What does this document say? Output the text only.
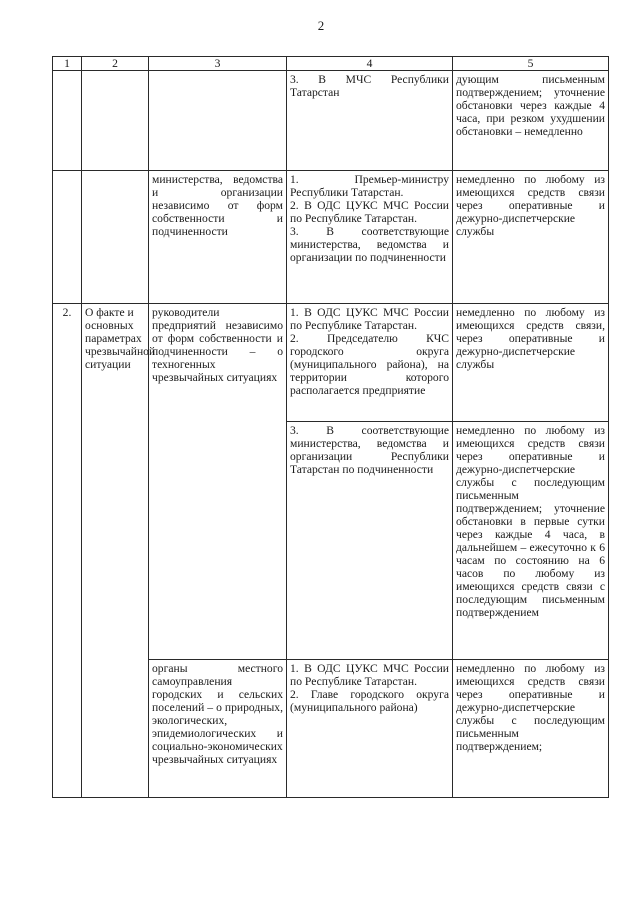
2
1	2	3	4	5
			3. В МЧС Республики Татарстан	дующим письменным подтверждением; уточнение обстановки через каждые 4 часа, при резком ухудшении обстановки – немедленно
		министерства, ведомства и организации независимо от форм собственности и подчиненности	1. Премьер-министру Республики Татарстан.
2. В ОДС ЦУКС МЧС России по Республике Татарстан.
3. В соответствующие министерства, ведомства и организации по подчиненности	немедленно по любому из имеющихся средств связи через оперативные и дежурно-диспетчерские службы
2.	О факте и основных параметрах чрезвычайной ситуации	руководители предприятий независимо от форм собственности и подчиненности – о техногенных чрезвычайных ситуациях	1. В ОДС ЦУКС МЧС России по Республике Татарстан.
2. Председателю КЧС городского округа (муниципального района), на территории которого располагается предприятие	немедленно по любому из имеющихся средств связи, через оперативные и дежурно-диспетчерские службы
			3. В соответствующие министерства, ведомства и организации Республики Татарстан по подчиненности	немедленно по любому из имеющихся средств связи через оперативные и дежурно-диспетчерские службы с последующим письменным подтверждением; уточнение обстановки в первые сутки через каждые 4 часа, в дальнейшем – ежесуточно к 6 часам по состоянию на 6 часов по любому из имеющихся средств связи с последующим письменным подтверждением
		органы местного самоуправления городских и сельских поселений – о природных, экологических, эпидемиологических и социально-экономических чрезвычайных ситуациях	1. В ОДС ЦУКС МЧС России по Республике Татарстан.
2. Главе городского округа (муниципального района)	немедленно по любому из имеющихся средств связи через оперативные и дежурно-диспетчерские службы с последующим письменным подтверждением;
